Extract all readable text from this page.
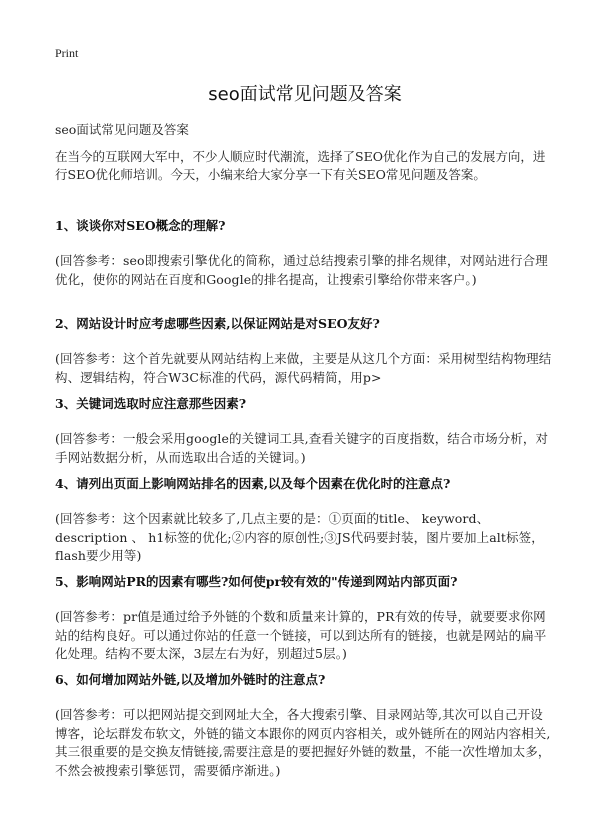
Print
seo面试常见问题及答案
seo面试常见问题及答案

在当今的互联网大军中，不少人顺应时代潮流，选择了SEO优化作为自己的发展方向，进行SEO优化师培训。今天，小编来给大家分享一下有关SEO常见问题及答案。

1、谈谈你对SEO概念的理解?

(回答参考：seo即搜索引擎优化的简称，通过总结搜索引擎的排名规律，对网站进行合理优化，使你的网站在百度和Google的排名提高，让搜索引擎给你带来客户。)

2、网站设计时应考虑哪些因素,以保证网站是对SEO友好?

(回答参考：这个首先就要从网站结构上来做，主要是从这几个方面：采用树型结构物理结构、逻辑结构，符合W3C标准的代码，源代码精简，用p>

3、关键词选取时应注意那些因素?

(回答参考：一般会采用google的关键词工具,查看关键字的百度指数，结合市场分析，对手网站数据分析，从而选取出合适的关键词。)

4、请列出页面上影响网站排名的因素,以及每个因素在优化时的注意点?

(回答参考：这个因素就比较多了,几点主要的是：①页面的title、 keyword、description 、 h1标签的优化;②内容的原创性;③JS代码要封装，图片要加上alt标签，flash要少用等)

5、影响网站PR的因素有哪些?如何使pr较有效的"传递到网站内部页面?

(回答参考：pr值是通过给予外链的个数和质量来计算的，PR有效的传导，就要要求你网站的结构良好。可以通过你站的任意一个链接，可以到达所有的链接，也就是网站的扁平化处理。结构不要太深，3层左右为好，别超过5层。)

6、如何增加网站外链,以及增加外链时的注意点?

(回答参考：可以把网站提交到网址大全，各大搜索引擎、目录网站等,其次可以自己开设博客，论坛群发布软文，外链的锚文本跟你的网页内容相关，或外链所在的网站内容相关,其三很重要的是交换友情链接,需要注意是的要把握好外链的数量，不能一次性增加太多，不然会被搜索引擎惩罚，需要循序渐进。)
